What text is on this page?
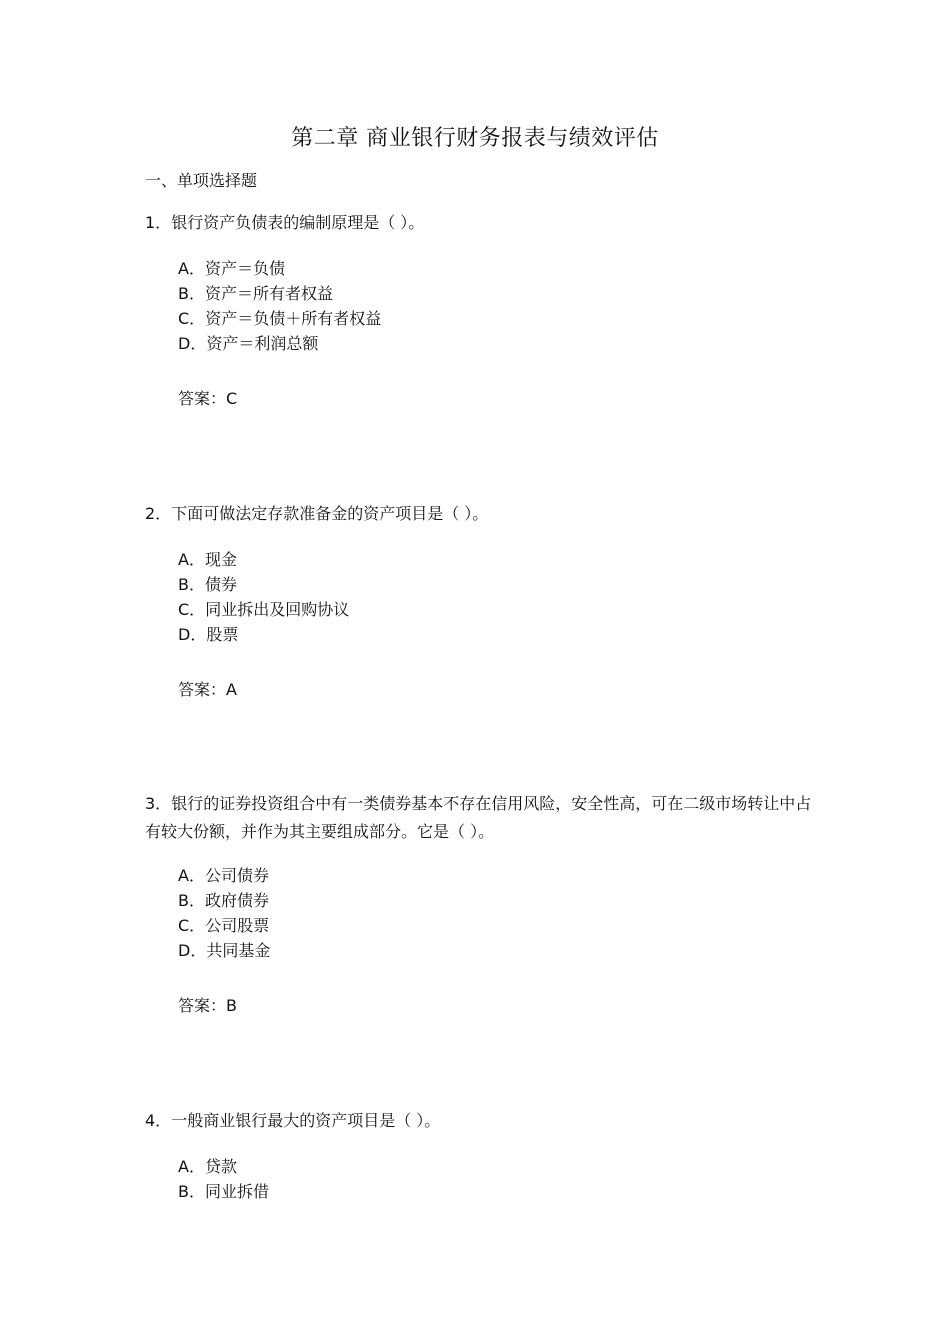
第二章 商业银行财务报表与绩效评估
一、单项选择题
1．银行资产负债表的编制原理是（ ）。
A．资产＝负债
B．资产＝所有者权益
C．资产＝负债＋所有者权益
D．资产＝利润总额
答案：C
2．下面可做法定存款准备金的资产项目是（ ）。
A．现金
B．债券
C．同业拆出及回购协议
D．股票
答案：A
3．银行的证券投资组合中有一类债券基本不存在信用风险，安全性高，可在二级市场转让中占有较大份额，并作为其主要组成部分。它是（ ）。
A．公司债券
B．政府债券
C．公司股票
D．共同基金
答案：B
4．一般商业银行最大的资产项目是（ ）。
A．贷款
B．同业拆借
